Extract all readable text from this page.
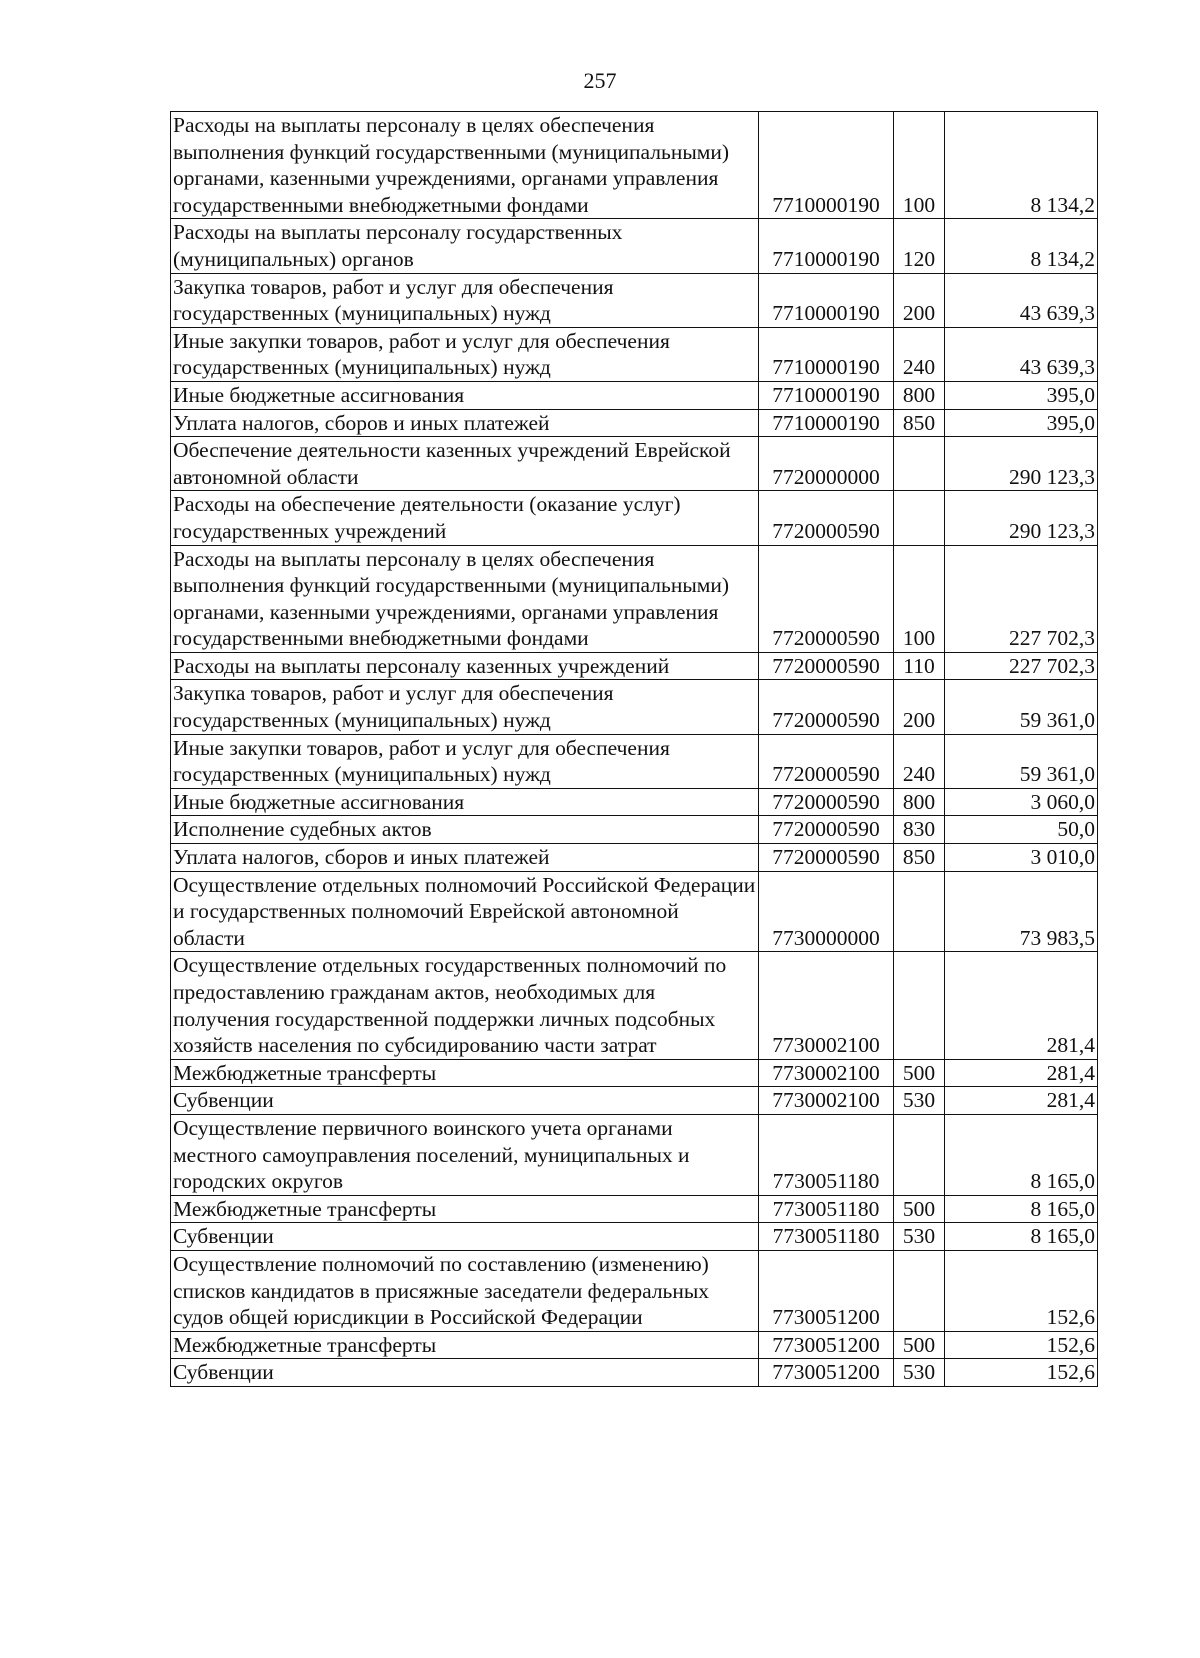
257
Расходы на выплаты персоналу в целях обеспечения выполнения функций государственными (муниципальными) органами, казенными учреждениями, органами управления государственными внебюджетными фондами	7710000190	100	8 134,2
Расходы на выплаты персоналу государственных (муниципальных) органов	7710000190	120	8 134,2
Закупка товаров, работ и услуг для обеспечения государственных (муниципальных) нужд	7710000190	200	43 639,3
Иные закупки товаров, работ и услуг для обеспечения государственных (муниципальных) нужд	7710000190	240	43 639,3
Иные бюджетные ассигнования	7710000190	800	395,0
Уплата налогов, сборов и иных платежей	7710000190	850	395,0
Обеспечение деятельности казенных учреждений Еврейской автономной области	7720000000		290 123,3
Расходы на обеспечение деятельности (оказание услуг) государственных учреждений	7720000590		290 123,3
Расходы на выплаты персоналу в целях обеспечения выполнения функций государственными (муниципальными) органами, казенными учреждениями, органами управления государственными внебюджетными фондами	7720000590	100	227 702,3
Расходы на выплаты персоналу казенных учреждений	7720000590	110	227 702,3
Закупка товаров, работ и услуг для обеспечения государственных (муниципальных) нужд	7720000590	200	59 361,0
Иные закупки товаров, работ и услуг для обеспечения государственных (муниципальных) нужд	7720000590	240	59 361,0
Иные бюджетные ассигнования	7720000590	800	3 060,0
Исполнение судебных актов	7720000590	830	50,0
Уплата налогов, сборов и иных платежей	7720000590	850	3 010,0
Осуществление отдельных полномочий Российской Федерации и государственных полномочий Еврейской автономной области	7730000000		73 983,5
Осуществление отдельных государственных полномочий по предоставлению гражданам актов, необходимых для получения государственной поддержки личных подсобных хозяйств населения по субсидированию части затрат	7730002100		281,4
Межбюджетные трансферты	7730002100	500	281,4
Субвенции	7730002100	530	281,4
Осуществление первичного воинского учета органами местного самоуправления поселений, муниципальных и городских округов	7730051180		8 165,0
Межбюджетные трансферты	7730051180	500	8 165,0
Субвенции	7730051180	530	8 165,0
Осуществление полномочий по составлению (изменению) списков кандидатов в присяжные заседатели федеральных судов общей юрисдикции в Российской Федерации	7730051200		152,6
Межбюджетные трансферты	7730051200	500	152,6
Субвенции	7730051200	530	152,6
